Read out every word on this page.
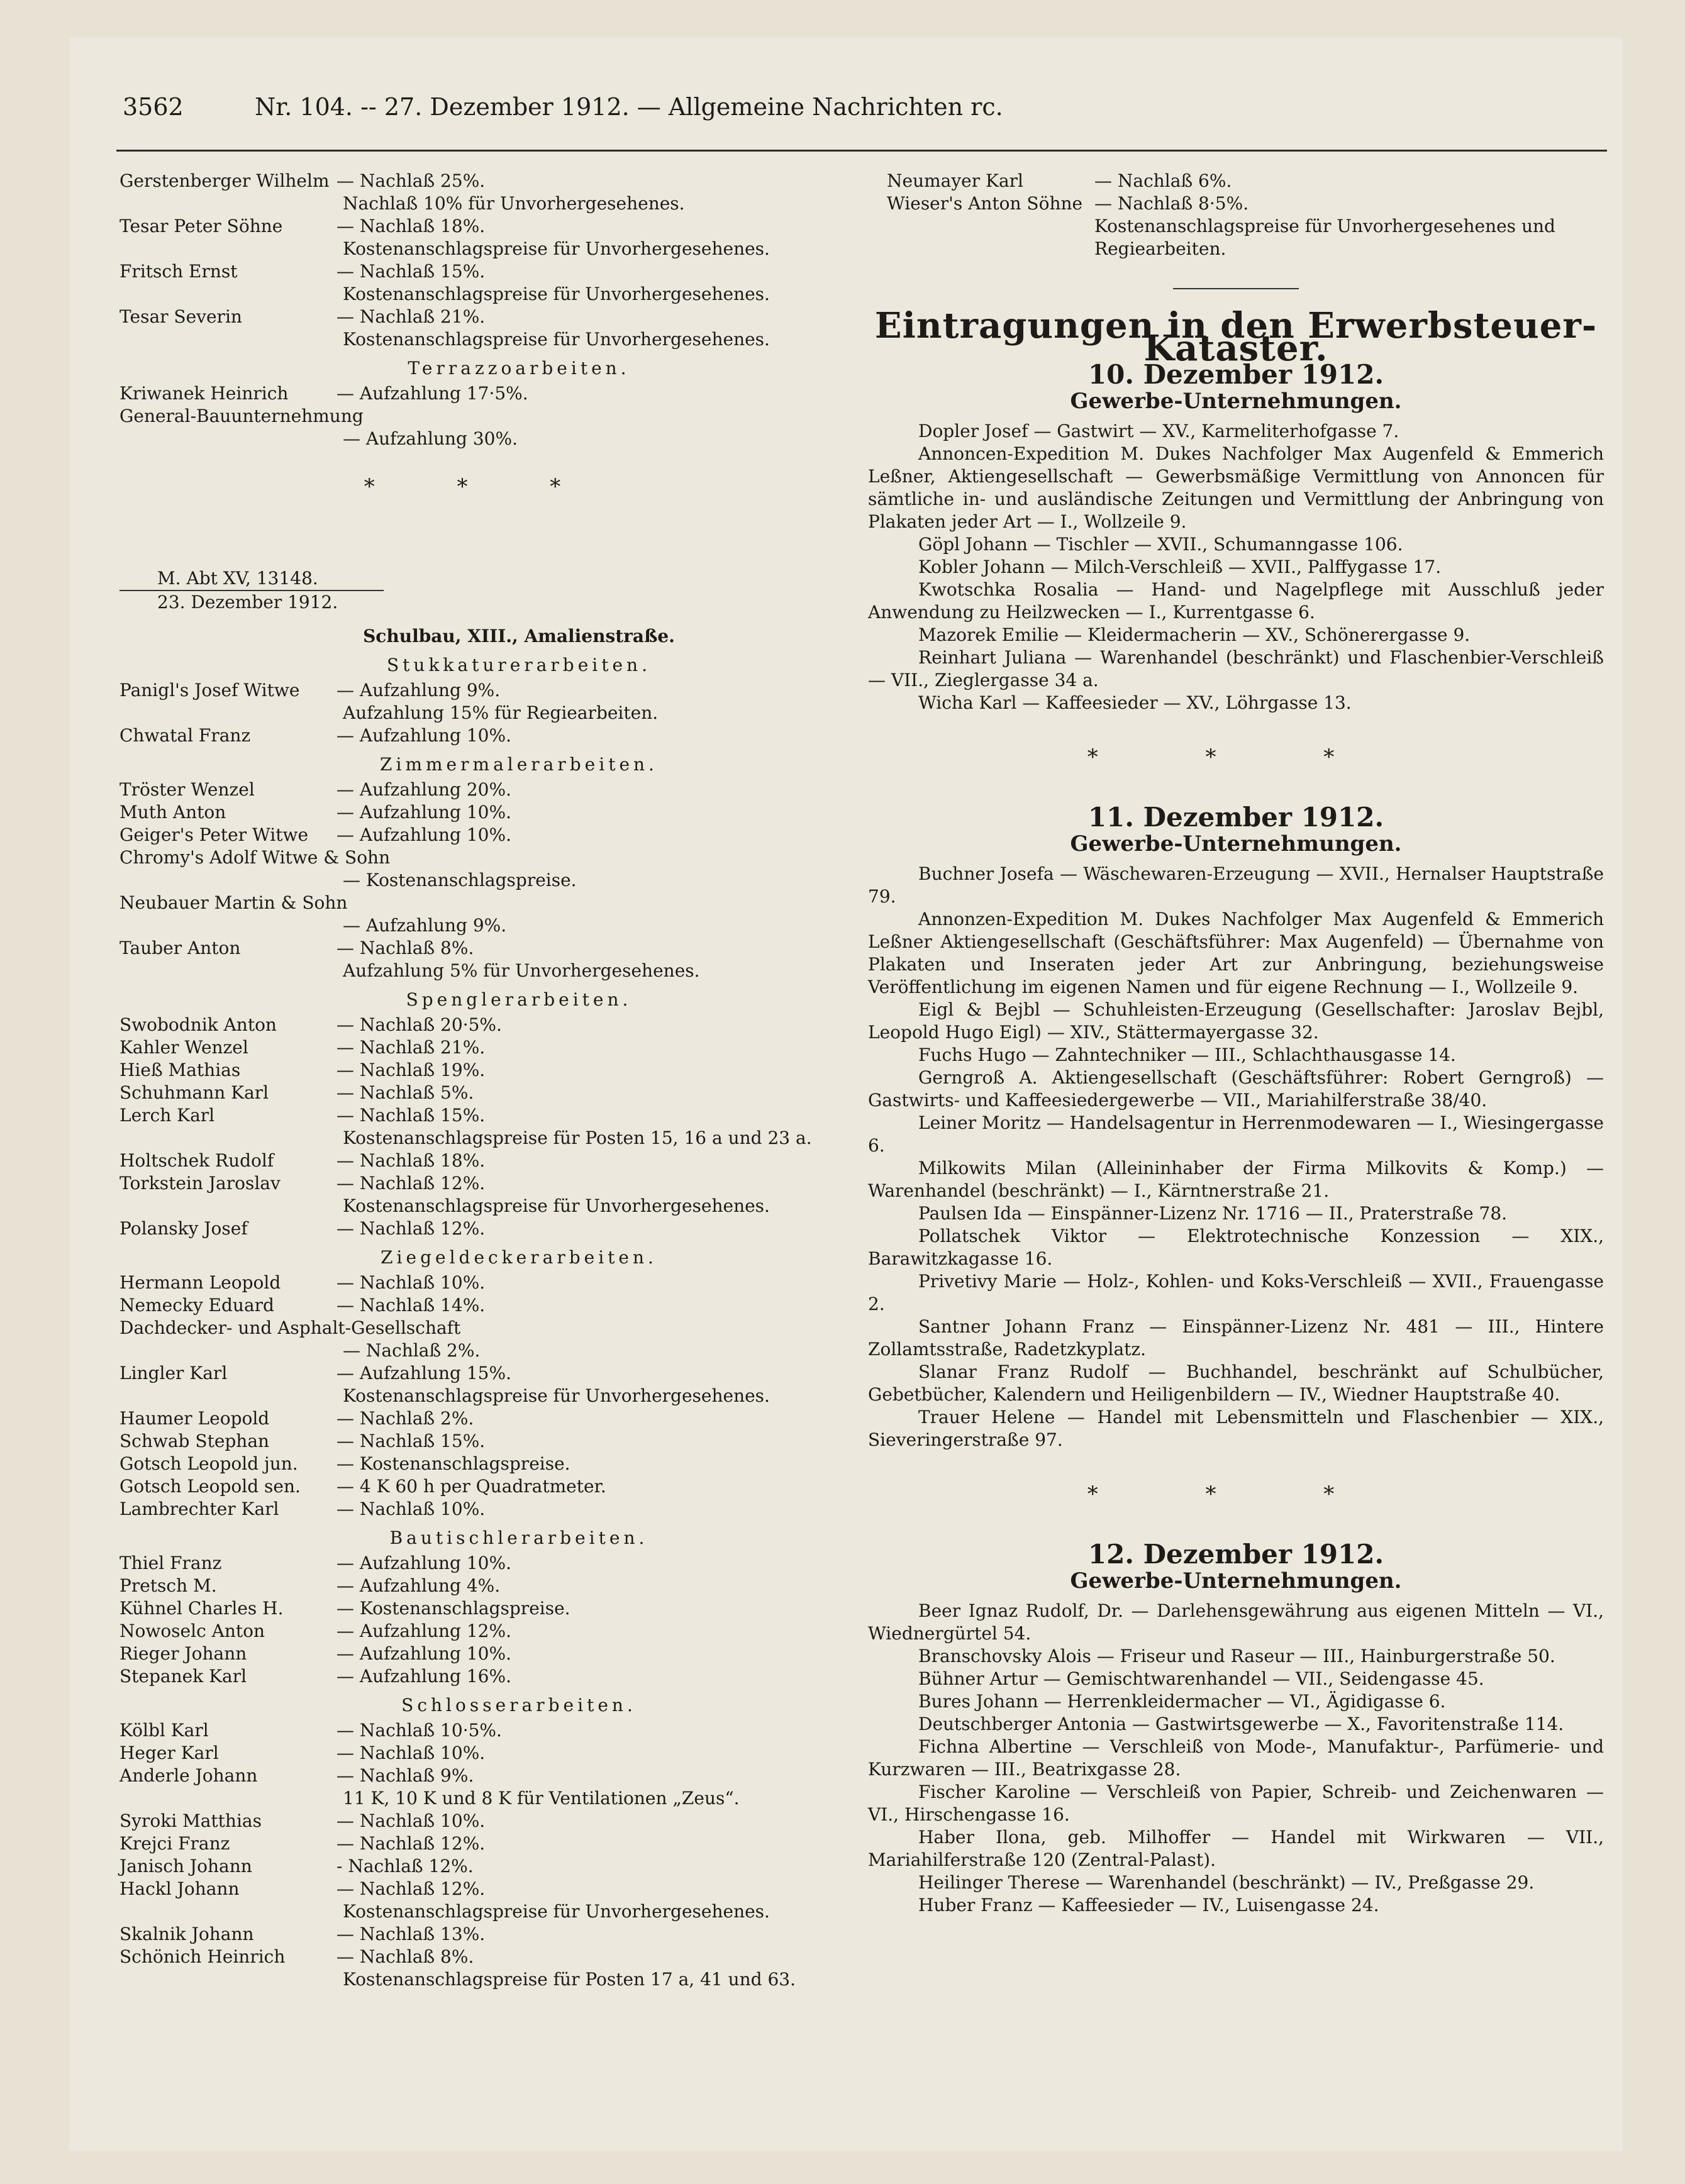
3562	Nr. 104. -- 27. Dezember 1912. — Allgemeine Nachrichten rc.
Gerstenberger Wilhelm — Nachlaß 25%.
Nachlaß 10% für Unvorhergesehenes.
Tesar Peter Söhne	— Nachlaß 18%.
Kostenanschlagspreise für Unvorhergesehenes.
Fritsch Ernst	— Nachlaß 15%.
Kostenanschlagspreise für Unvorhergesehenes.
Tesar Severin	— Nachlaß 21%.
Kostenanschlagspreise für Unvorhergesehenes.
Terrazzoarbeiten.
Kriwanek Heinrich	— Aufzahlung 17·5%.
General-Bauunternehmung
— Aufzahlung 30%.
* * *
M. Abt XV, 13148.
23. Dezember 1912.
Schulbau, XIII., Amalienstraße.
Stukkaturerarbeiten.
Panigl's Josef Witwe	— Aufzahlung 9%.
Aufzahlung 15% für Regiearbeiten.
Chwatal Franz	— Aufzahlung 10%.
Zimmermalerarbeiten.
Tröster Wenzel	— Aufzahlung 20%.
Muth Anton	— Aufzahlung 10%.
Geiger's Peter Witwe	— Aufzahlung 10%.
Chromy's Adolf Witwe & Sohn
— Kostenanschlagspreise.
Neubauer Martin & Sohn
— Aufzahlung 9%.
Tauber Anton	— Nachlaß 8%.
Aufzahlung 5% für Unvorhergesehenes.
Spenglerarbeiten.
Swobodnik Anton	— Nachlaß 20·5%.
Kahler Wenzel	— Nachlaß 21%.
Hieß Mathias	— Nachlaß 19%.
Schuhmann Karl	— Nachlaß 5%.
Lerch Karl	— Nachlaß 15%.
Kostenanschlagspreise für Posten 15, 16 a und 23 a.
Holtschek Rudolf	— Nachlaß 18%.
Torkstein Jaroslav	— Nachlaß 12%.
Kostenanschlagspreise für Unvorhergesehenes.
Polansky Josef	— Nachlaß 12%.
Ziegeldeckerarbeiten.
Hermann Leopold	— Nachlaß 10%.
Nemecky Eduard	— Nachlaß 14%.
Dachdecker- und Asphalt-Gesellschaft
— Nachlaß 2%.
Lingler Karl	— Aufzahlung 15%.
Kostenanschlagspreise für Unvorhergesehenes.
Haumer Leopold	— Nachlaß 2%.
Schwab Stephan	— Nachlaß 15%.
Gotsch Leopold jun.	— Kostenanschlagspreise.
Gotsch Leopold sen.	— 4 K 60 h per Quadratmeter.
Lambrechter Karl	— Nachlaß 10%.
Bautischlerarbeiten.
Thiel Franz	— Aufzahlung 10%.
Pretsch M.	— Aufzahlung 4%.
Kühnel Charles H.	— Kostenanschlagspreise.
Nowoselc Anton	— Aufzahlung 12%.
Rieger Johann	— Aufzahlung 10%.
Stepanek Karl	— Aufzahlung 16%.
Schlosserarbeiten.
Kölbl Karl	— Nachlaß 10·5%.
Heger Karl	— Nachlaß 10%.
Anderle Johann	— Nachlaß 9%.
11 K, 10 K und 8 K für Ventilationen „Zeus“.
Syroki Matthias	— Nachlaß 10%.
Krejci Franz	— Nachlaß 12%.
Janisch Johann	- Nachlaß 12%.
Hackl Johann	— Nachlaß 12%.
Kostenanschlagspreise für Unvorhergesehenes.
Skalnik Johann	— Nachlaß 13%.
Schönich Heinrich	— Nachlaß 8%.
Kostenanschlagspreise für Posten 17 a, 41 und 63.
Neumayer Karl	— Nachlaß 6%.
Wieser's Anton Söhne — Nachlaß 8·5%.
Kostenanschlagspreise für Unvorhergesehenes und
Regiearbeiten.
Eintragungen in den Erwerbsteuer-Kataster.
10. Dezember 1912.
Gewerbe-Unternehmungen.
Dopler Josef — Gastwirt — XV., Karmeliterhofgasse 7.
Annoncen-Expedition M. Dukes Nachfolger Max Augenfeld & Emmerich Leßner, Aktiengesellschaft — Gewerbsmäßige Vermittlung von Annoncen für sämtliche in- und ausländische Zeitungen und Vermittlung der Anbringung von Plakaten jeder Art — I., Wollzeile 9.
Göpl Johann — Tischler — XVII., Schumanngasse 106.
Kobler Johann — Milch-Verschleiß — XVII., Palffygasse 17.
Kwotschka Rosalia — Hand- und Nagelpflege mit Ausschluß jeder Anwendung zu Heilzwecken — I., Kurrentgasse 6.
Mazorek Emilie — Kleidermacherin — XV., Schönerergasse 9.
Reinhart Juliana — Warenhandel (beschränkt) und Flaschenbier-Verschleiß — VII., Zieglergasse 34 a.
Wicha Karl — Kaffeesieder — XV., Löhrgasse 13.
* * *
11. Dezember 1912.
Gewerbe-Unternehmungen.
Buchner Josefa — Wäschewaren-Erzeugung — XVII., Hernalser Hauptstraße 79.
Annonzen-Expedition M. Dukes Nachfolger Max Augenfeld & Emmerich Leßner Aktiengesellschaft (Geschäftsführer: Max Augenfeld) — Übernahme von Plakaten und Inseraten jeder Art zur Anbringung, beziehungsweise Veröffentlichung im eigenen Namen und für eigene Rechnung — I., Wollzeile 9.
Eigl & Bejbl — Schuhleisten-Erzeugung (Gesellschafter: Jaroslav Bejbl, Leopold Hugo Eigl) — XIV., Stättermayergasse 32.
Fuchs Hugo — Zahntechniker — III., Schlachthausgasse 14.
Gerngroß A. Aktiengesellschaft (Geschäftsführer: Robert Gerngroß) — Gastwirts- und Kaffeesiedergewerbe — VII., Mariahilferstraße 38/40.
Leiner Moritz — Handelsagentur in Herrenmodewaren — I., Wiesingergasse 6.
Milkowits Milan (Alleininhaber der Firma Milkovits & Komp.) — Warenhandel (beschränkt) — I., Kärntnerstraße 21.
Paulsen Ida — Einspänner-Lizenz Nr. 1716 — II., Praterstraße 78.
Pollatschek Viktor — Elektrotechnische Konzession — XIX., Barawitzkagasse 16.
Privetivy Marie — Holz-, Kohlen- und Koks-Verschleiß — XVII., Frauengasse 2.
Santner Johann Franz — Einspänner-Lizenz Nr. 481 — III., Hintere Zollamtsstraße, Radetzkyplatz.
Slanar Franz Rudolf — Buchhandel, beschränkt auf Schulbücher, Gebetbücher, Kalendern und Heiligenbildern — IV., Wiedner Hauptstraße 40.
Trauer Helene — Handel mit Lebensmitteln und Flaschenbier — XIX., Sieveringerstraße 97.
* * *
12. Dezember 1912.
Gewerbe-Unternehmungen.
Beer Ignaz Rudolf, Dr. — Darlehensgewährung aus eigenen Mitteln — VI., Wiednergürtel 54.
Branschovsky Alois — Friseur und Raseur — III., Hainburgerstraße 50.
Bühner Artur — Gemischtwarenhandel — VII., Seidengasse 45.
Bures Johann — Herrenkleidermacher — VI., Ägidigasse 6.
Deutschberger Antonia — Gastwirtsgewerbe — X., Favoritenstraße 114.
Fichna Albertine — Verschleiß von Mode-, Manufaktur-, Parfümerie- und Kurzwaren — III., Beatrixgasse 28.
Fischer Karoline — Verschleiß von Papier, Schreib- und Zeichenwaren — VI., Hirschengasse 16.
Haber Ilona, geb. Milhoffer — Handel mit Wirkwaren — VII., Mariahilferstraße 120 (Zentral-Palast).
Heilinger Therese — Warenhandel (beschränkt) — IV., Preßgasse 29.
Huber Franz — Kaffeesieder — IV., Luisengasse 24.
